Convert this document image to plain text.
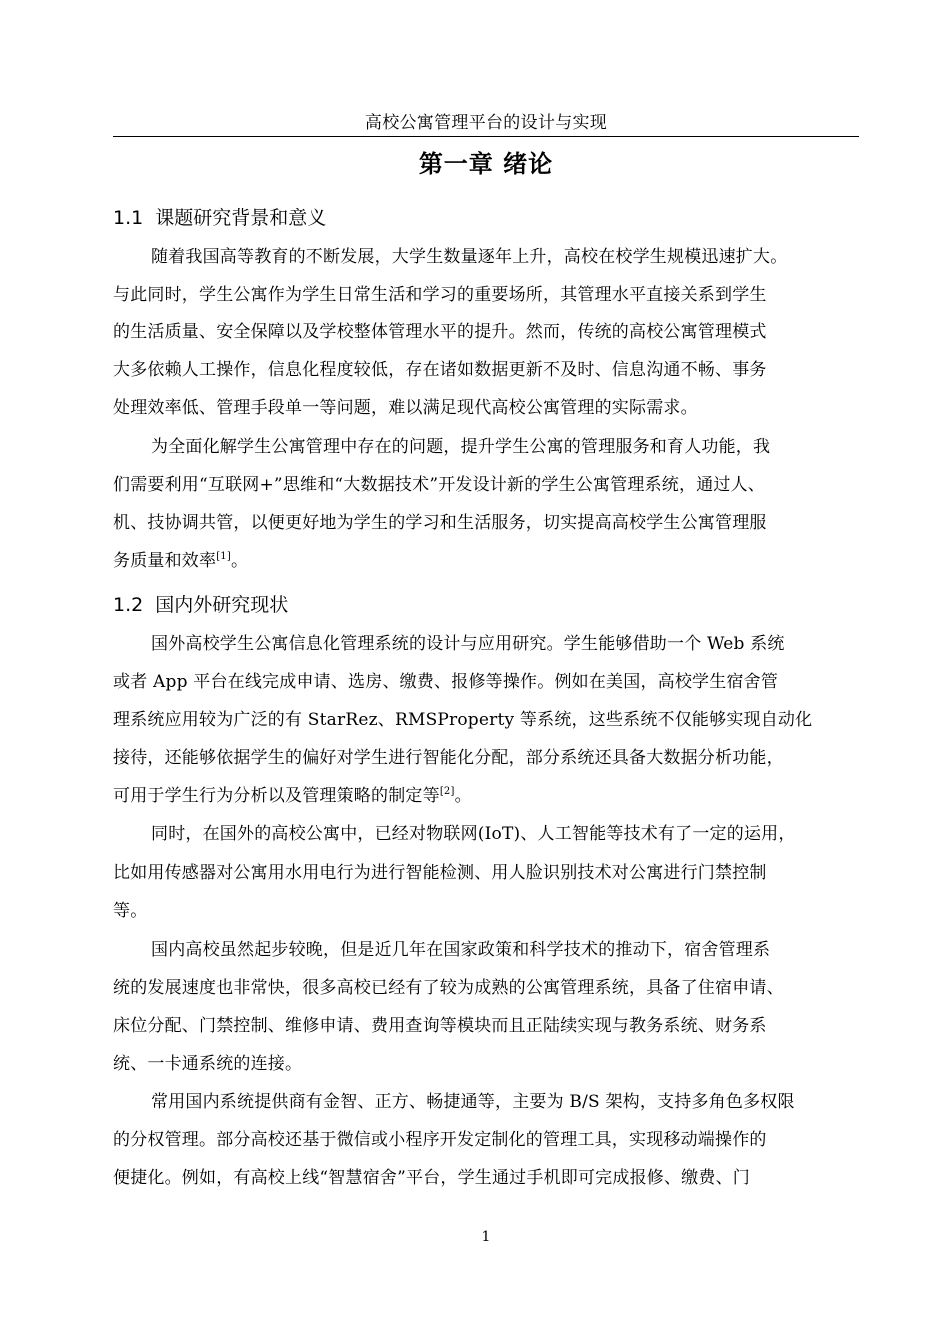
高校公寓管理平台的设计与实现
第一章 绪论
1.1 课题研究背景和意义
随着我国高等教育的不断发展，大学生数量逐年上升，高校在校学生规模迅速扩大。
与此同时，学生公寓作为学生日常生活和学习的重要场所，其管理水平直接关系到学生
的生活质量、安全保障以及学校整体管理水平的提升。然而，传统的高校公寓管理模式
大多依赖人工操作，信息化程度较低，存在诸如数据更新不及时、信息沟通不畅、事务
处理效率低、管理手段单一等问题，难以满足现代高校公寓管理的实际需求。
为全面化解学生公寓管理中存在的问题，提升学生公寓的管理服务和育人功能，我
们需要利用“互联网+”思维和“大数据技术”开发设计新的学生公寓管理系统，通过人、
机、技协调共管，以便更好地为学生的学习和生活服务，切实提高高校学生公寓管理服
务质量和效率[1]。
1.2 国内外研究现状
国外高校学生公寓信息化管理系统的设计与应用研究。学生能够借助一个 Web 系统
或者 App 平台在线完成申请、选房、缴费、报修等操作。例如在美国，高校学生宿舍管
理系统应用较为广泛的有 StarRez、RMSProperty 等系统，这些系统不仅能够实现自动化
接待，还能够依据学生的偏好对学生进行智能化分配，部分系统还具备大数据分析功能，
可用于学生行为分析以及管理策略的制定等[2]。
同时，在国外的高校公寓中，已经对物联网(IoT)、人工智能等技术有了一定的运用，
比如用传感器对公寓用水用电行为进行智能检测、用人脸识别技术对公寓进行门禁控制
等。
国内高校虽然起步较晚，但是近几年在国家政策和科学技术的推动下，宿舍管理系
统的发展速度也非常快，很多高校已经有了较为成熟的公寓管理系统，具备了住宿申请、
床位分配、门禁控制、维修申请、费用查询等模块而且正陆续实现与教务系统、财务系
统、一卡通系统的连接。
常用国内系统提供商有金智、正方、畅捷通等，主要为 B/S 架构，支持多角色多权限
的分权管理。部分高校还基于微信或小程序开发定制化的管理工具，实现移动端操作的
便捷化。例如，有高校上线“智慧宿舍”平台，学生通过手机即可完成报修、缴费、门
1
